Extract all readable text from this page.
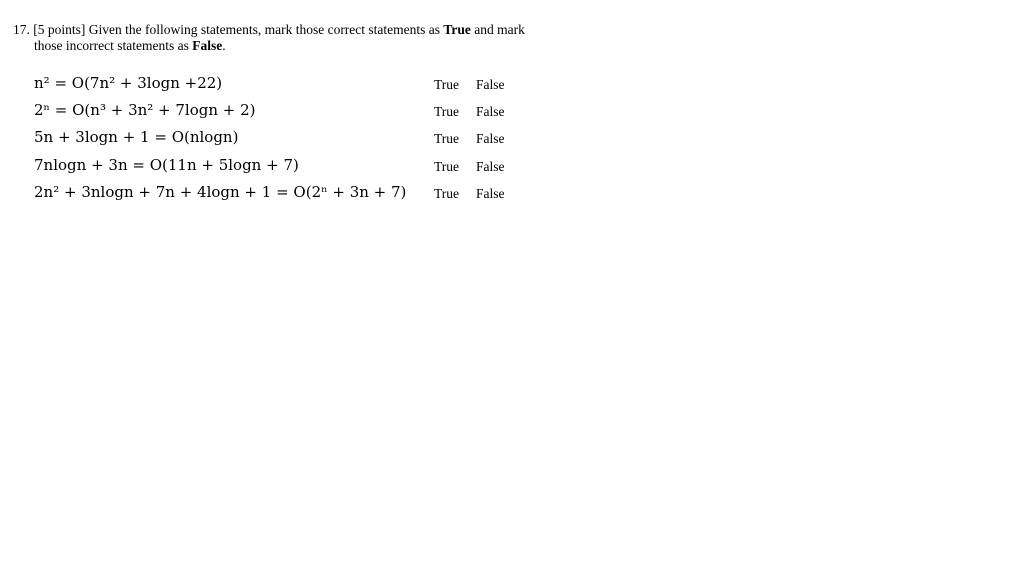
17. [5 points] Given the following statements, mark those correct statements as True and mark
those incorrect statements as False.
n² = O(7n² + 3logn +22)	True False
2ⁿ = O(n³ + 3n² + 7logn + 2)	True False
5n + 3logn + 1 = O(nlogn)	True False
7nlogn + 3n = O(11n + 5logn + 7)	True False
2n² + 3nlogn + 7n + 4logn + 1 = O(2ⁿ + 3n + 7) True False
